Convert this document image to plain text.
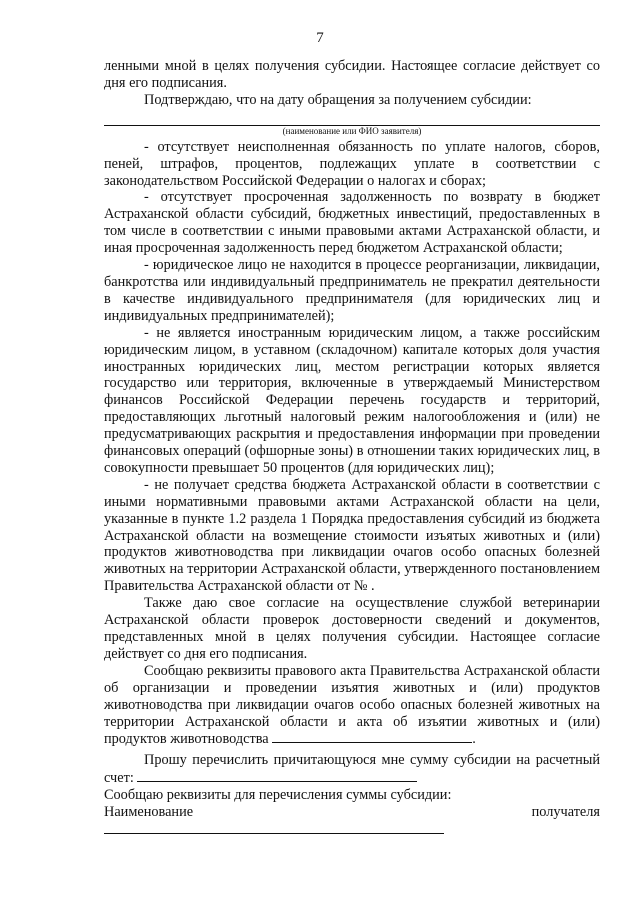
7

ленными мной в целях получения субсидии. Настоящее согласие действует со дня его подписания.

Подтверждаю, что на дату обращения за получением субсидии:

(наименование или ФИО заявителя)

- отсутствует неисполненная обязанность по уплате налогов, сборов, пеней, штрафов, процентов, подлежащих уплате в соответствии с законодательством Российской Федерации о налогах и сборах;

- отсутствует просроченная задолженность по возврату в бюджет Астраханской области субсидий, бюджетных инвестиций, предоставленных в том числе в соответствии с иными правовыми актами Астраханской области, и иная просроченная задолженность перед бюджетом Астраханской области;

- юридическое лицо не находится в процессе реорганизации, ликвидации, банкротства или индивидуальный предприниматель не прекратил деятельности в качестве индивидуального предпринимателя (для юридических лиц и индивидуальных предпринимателей);

- не является иностранным юридическим лицом, а также российским юридическим лицом, в уставном (складочном) капитале которых доля участия иностранных юридических лиц, местом регистрации которых является государство или территория, включенные в утверждаемый Министерством финансов Российской Федерации перечень государств и территорий, предоставляющих льготный налоговый режим налогообложения и (или) не предусматривающих раскрытия и предоставления информации при проведении финансовых операций (офшорные зоны) в отношении таких юридических лиц, в совокупности превышает 50 процентов (для юридических лиц);

- не получает средства бюджета Астраханской области в соответствии с иными нормативными правовыми актами Астраханской области на цели, указанные в пункте 1.2 раздела 1 Порядка предоставления субсидий из бюджета Астраханской области на возмещение стоимости изъятых животных и (или) продуктов животноводства при ликвидации очагов особо опасных болезней животных на территории Астраханской области, утвержденного постановлением Правительства Астраханской области от № .

Также даю свое согласие на осуществление службой ветеринарии Астраханской области проверок достоверности сведений и документов, представленных мной в целях получения субсидии. Настоящее согласие действует со дня его подписания.

Сообщаю реквизиты правового акта Правительства Астраханской области об организации и проведении изъятия животных и (или) продуктов животноводства при ликвидации очагов особо опасных болезней животных на территории Астраханской области и акта об изъятии животных и (или) продуктов животноводства	.

Прошу перечислить причитающуюся мне сумму субсидии на расчетный счет:

Сообщаю реквизиты для перечисления суммы субсидии:

Наименование получателя
